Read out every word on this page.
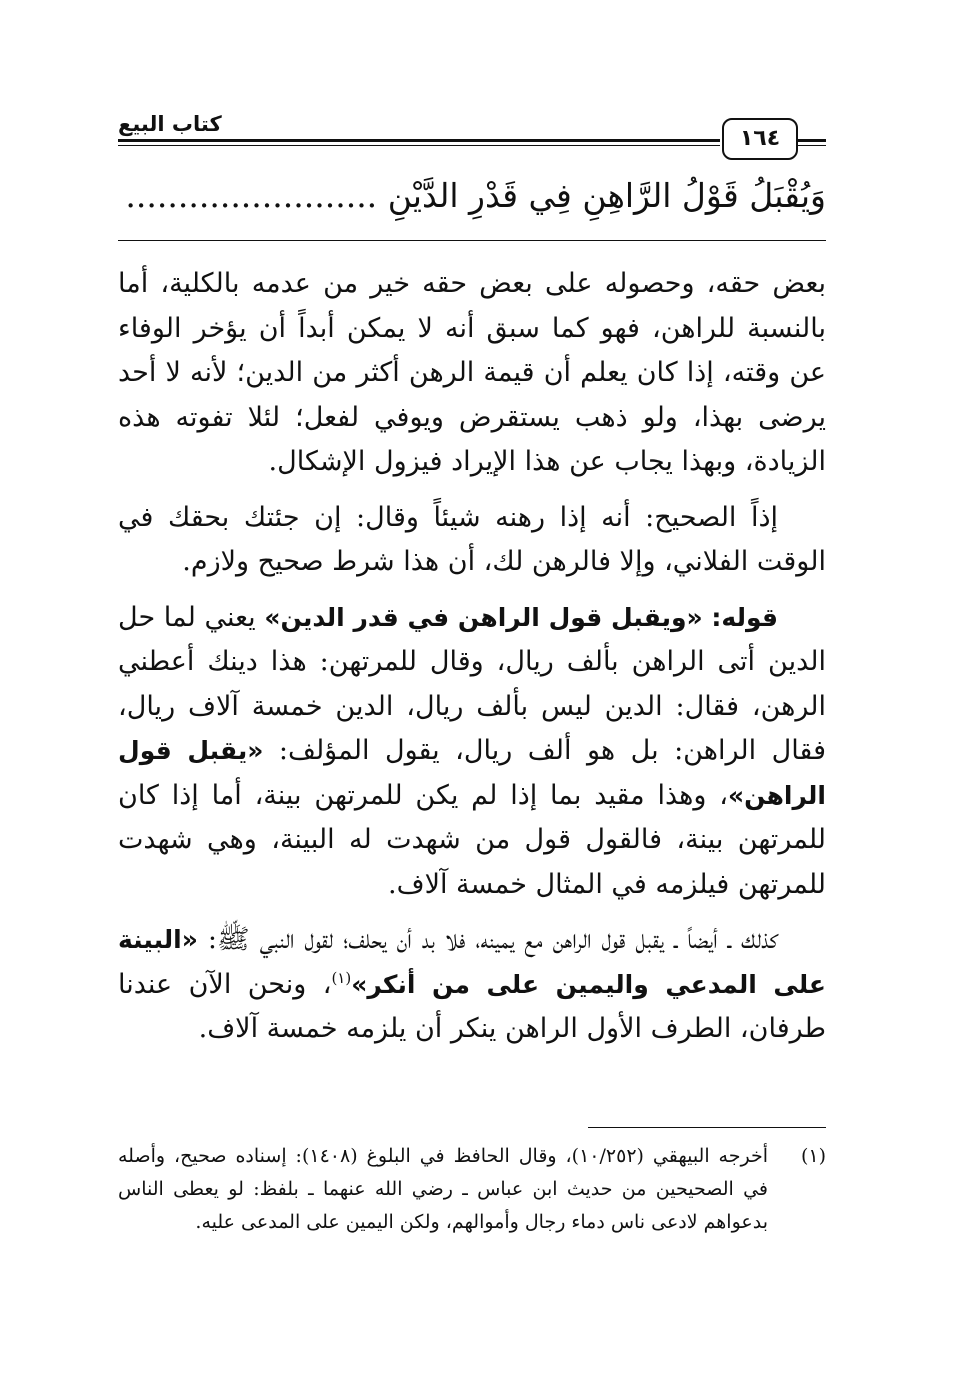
كتاب البيع
١٦٤
وَيُقْبَلُ قَوْلُ الرَّاهِنِ فِي قَدْرِ الدَّيْنِ ........................

بعض حقه، وحصوله على بعض حقه خير من عدمه بالكلية، أما بالنسبة للراهن، فهو كما سبق أنه لا يمكن أبداً أن يؤخر الوفاء عن وقته، إذا كان يعلم أن قيمة الرهن أكثر من الدين؛ لأنه لا أحد يرضى بهذا، ولو ذهب يستقرض ويوفي لفعل؛ لئلا تفوته هذه الزيادة، وبهذا يجاب عن هذا الإيراد فيزول الإشكال.

إذاً الصحيح: أنه إذا رهنه شيئاً وقال: إن جئتك بحقك في الوقت الفلاني، وإلا فالرهن لك، أن هذا شرط صحيح ولازم.

قوله: «ويقبل قول الراهن في قدر الدين» يعني لما حل الدين أتى الراهن بألف ريال، وقال للمرتهن: هذا دينك أعطني الرهن، فقال: الدين ليس بألف ريال، الدين خمسة آلاف ريال، فقال الراهن: بل هو ألف ريال، يقول المؤلف: «يقبل قول الراهن»، وهذا مقيد بما إذا لم يكن للمرتهن بينة، أما إذا كان للمرتهن بينة، فالقول قول من شهدت له البينة، وهي شهدت للمرتهن فيلزمه في المثال خمسة آلاف.

كذلك ـ أيضاً ـ يقبل قول الراهن مع يمينه، فلا بد أن يحلف؛ لقول النبي ﷺ: «البينة على المدعي واليمين على من أنكر»$^{(١)}$، ونحن الآن عندنا طرفان، الطرف الأول الراهن ينكر أن يلزمه خمسة آلاف.

(١)
أخرجه البيهقي (١٠/٢٥٢)، وقال الحافظ في البلوغ (١٤٠٨): إسناده صحيح، وأصله في الصحيحين من حديث ابن عباس ـ رضي الله عنهما ـ بلفظ: لو يعطى الناس بدعواهم لادعى ناس دماء رجال وأموالهم، ولكن اليمين على المدعى عليه.
